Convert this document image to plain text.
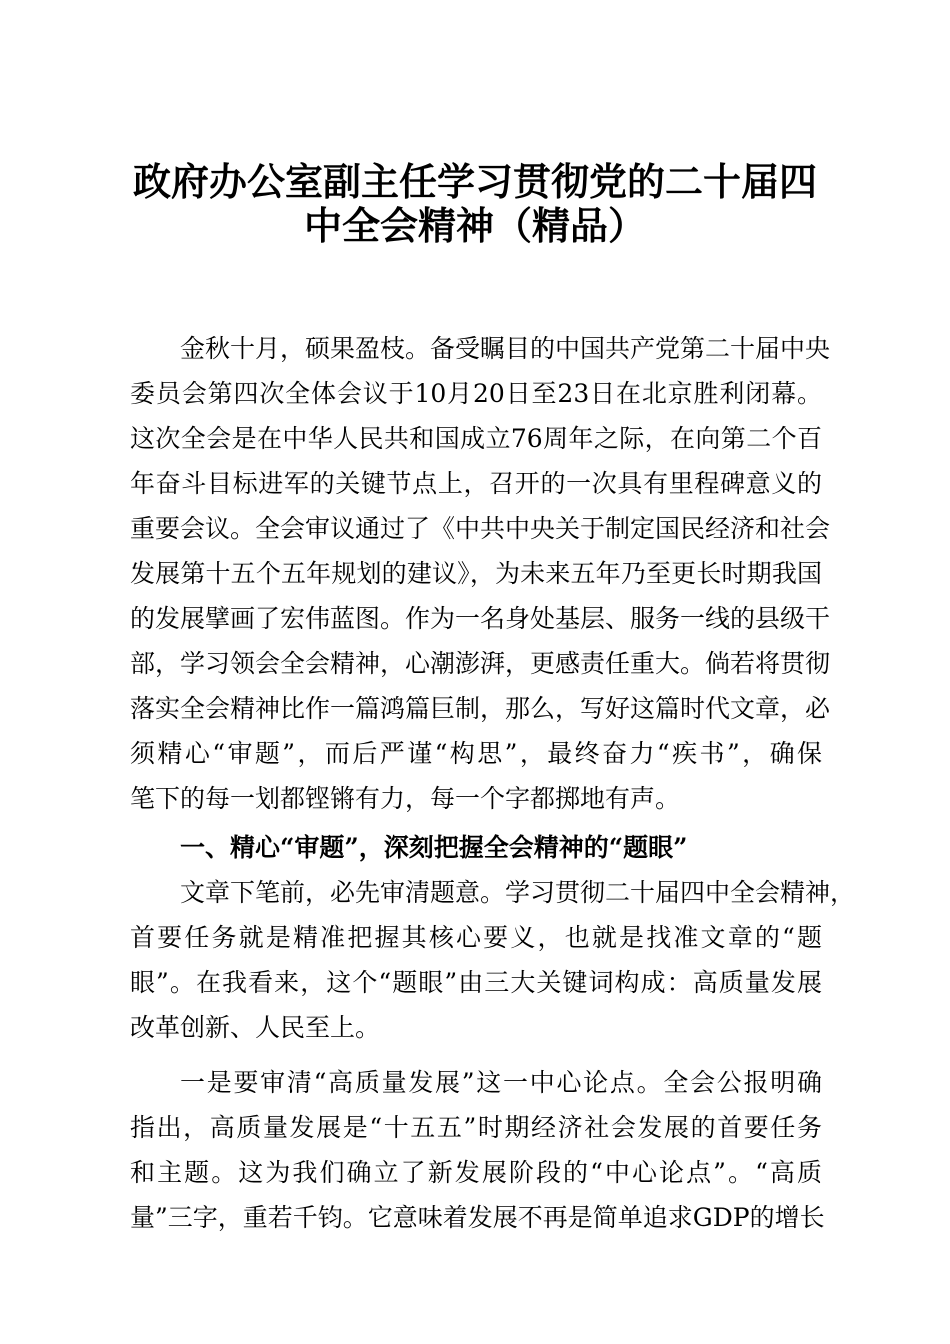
政府办公室副主任学习贯彻党的二十届四
中全会精神（精品）
金秋十月，硕果盈枝。备受瞩目的中国共产党第二十届中央
委员会第四次全体会议于10月20日至23日在北京胜利闭幕。
这次全会是在中华人民共和国成立76周年之际，在向第二个百
年奋斗目标进军的关键节点上，召开的一次具有里程碑意义的
重要会议。全会审议通过了《中共中央关于制定国民经济和社会
发展第十五个五年规划的建议》，为未来五年乃至更长时期我国
的发展擘画了宏伟蓝图。作为一名身处基层、服务一线的县级干
部，学习领会全会精神，心潮澎湃，更感责任重大。倘若将贯彻
落实全会精神比作一篇鸿篇巨制，那么，写好这篇时代文章，必
须精心“审题”，而后严谨“构思”，最终奋力“疾书”，确保
笔下的每一划都铿锵有力，每一个字都掷地有声。
一、精心“审题”，深刻把握全会精神的“题眼”
文章下笔前，必先审清题意。学习贯彻二十届四中全会精神，
首要任务就是精准把握其核心要义，也就是找准文章的“题
眼”。在我看来，这个“题眼”由三大关键词构成：高质量发展
改革创新、人民至上。
一是要审清“高质量发展”这一中心论点。全会公报明确
指出，高质量发展是“十五五”时期经济社会发展的首要任务
和主题。这为我们确立了新发展阶段的“中心论点”。“高质
量”三字，重若千钧。它意味着发展不再是简单追求GDP的增长
